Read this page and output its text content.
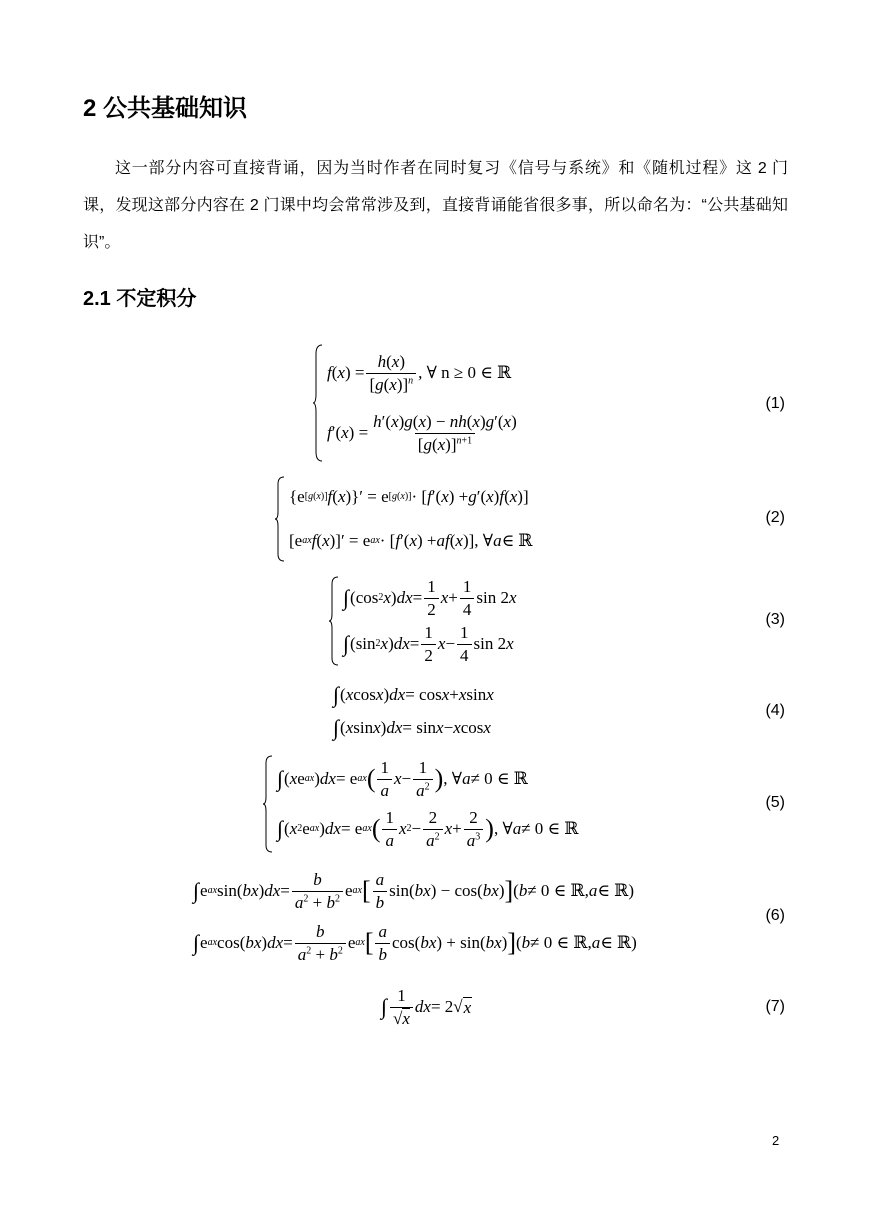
2 公共基础知识
这一部分内容可直接背诵，因为当时作者在同时复习《信号与系统》和《随机过程》这 2 门课，发现这部分内容在 2 门课中均会常常涉及到，直接背诵能省很多事，所以命名为：“公共基础知识”。
2.1 不定积分
f ( x ) = $\frac{h(x)}{[g(x)]^n}$ , ∀ n ≥ 0 ∈ ℝ
f ′( x ) = $\frac{h'(x)g(x) - nh(x)g'(x)}{[g(x)]^{n+1}}$
(1)
{e [g(x)] f ( x )}′ = e [g(x)] · [ f ′( x ) + g ′( x ) f ( x )]
[e ax f ( x )]′ = e ax · [ f ′( x ) + af ( x )], ∀ a ∈ ℝ
(2)
∫ (cos 2 x ) dx = $\frac{1}{2}$ $x + \frac{1}{4}$ sin 2 x
∫ (sin 2 x ) dx = $\frac{1}{2}$ $x - \frac{1}{4}$ sin 2 x
(3)
∫ ( x cos x ) dx = cos x + x sin x
∫ ( x sin x ) dx = sin x − x cos x
(4)
∫ ( x e ax ) dx = e ax ( $\frac{1}{a}$ $x - \frac{1}{a^2}$ ) , ∀ a ≠ 0 ∈ ℝ
∫ ( x 2 e ax ) dx = e ax ( $\frac{1}{a}$ x $2 - \frac{2}{a^2}$ $x + \frac{2}{a^3}$ ) , ∀ a ≠ 0 ∈ ℝ
(5)
∫ e ax sin( bx ) dx = $\frac{b}{a^2 + b^2}$ e ax [ $\frac{a}{b} \sin$( bx ) − cos( bx ) ] ( b ≠ 0 ∈ ℝ, a ∈ ℝ)
∫ e ax cos( bx ) dx = $\frac{b}{a^2 + b^2}$ e ax [ $\frac{a}{b} \cos$( bx ) + sin( bx ) ] ( b ≠ 0 ∈ ℝ, a ∈ ℝ)
(6)
∫ $\frac{1}{√x}$ dx = 2√ x	(7)
2
